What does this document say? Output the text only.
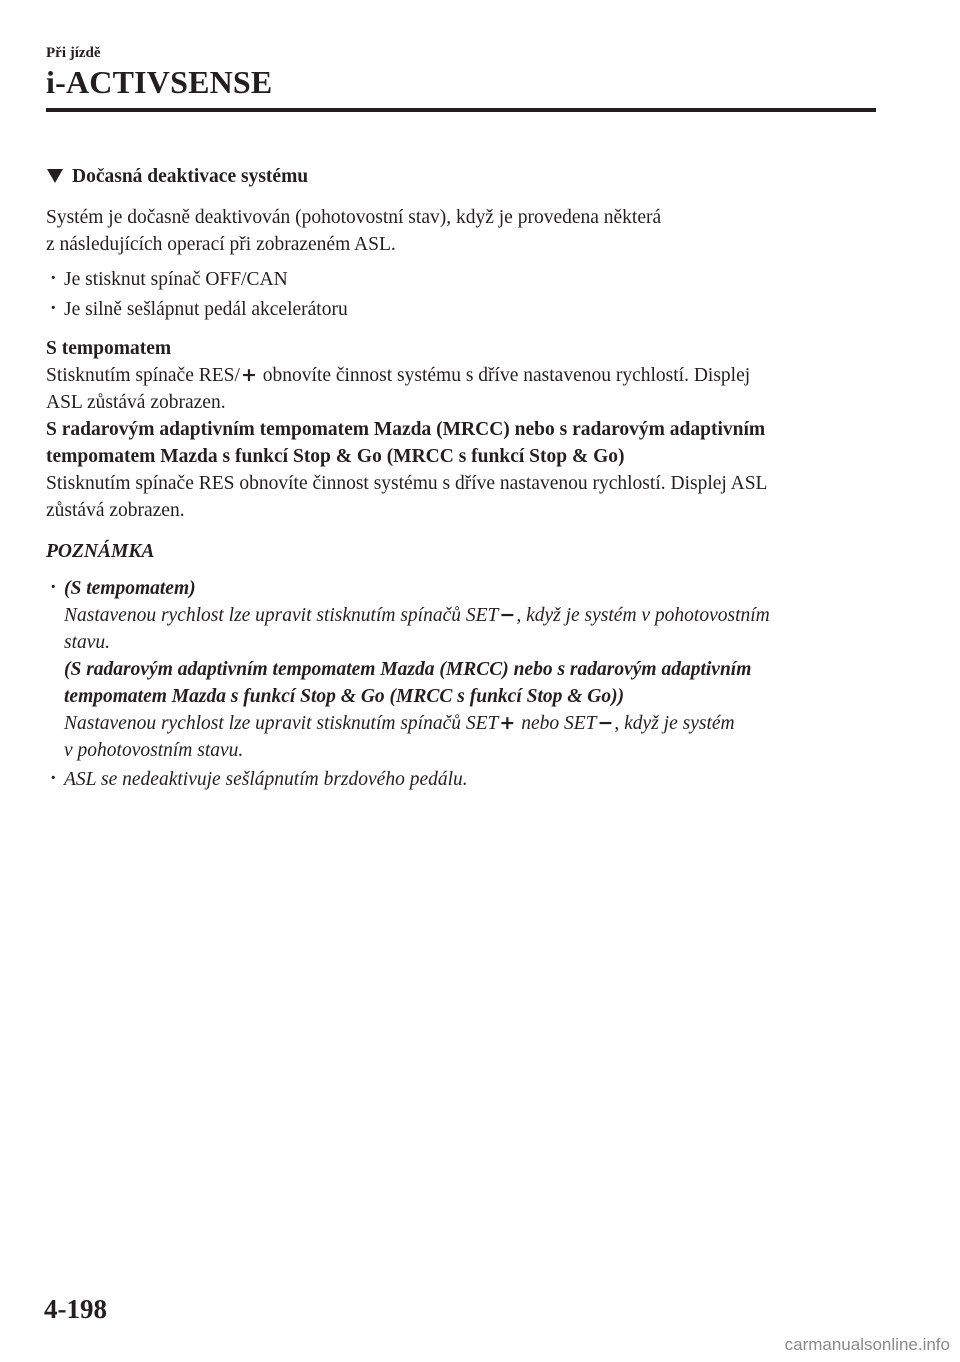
Při jízdě
i-ACTIVSENSE
Dočasná deaktivace systému

Systém je dočasně deaktivován (pohotovostní stav), když je provedena některá
z následujících operací při zobrazeném ASL.

· Je stisknut spínač OFF/CAN
· Je silně sešlápnut pedál akcelerátoru
S tempomatem
Stisknutím spínače RES/+ obnovíte činnost systému s dříve nastavenou rychlostí. Displej
ASL zůstává zobrazen.
S radarovým adaptivním tempomatem Mazda (MRCC) nebo s radarovým adaptivním
tempomatem Mazda s funkcí Stop & Go (MRCC s funkcí Stop & Go)
Stisknutím spínače RES obnovíte činnost systému s dříve nastavenou rychlostí. Displej ASL
zůstává zobrazen.
POZNÁMKA
· (S tempomatem)
Nastavenou rychlost lze upravit stisknutím spínačů SET−, když je systém v pohotovostním
stavu.
(S radarovým adaptivním tempomatem Mazda (MRCC) nebo s radarovým adaptivním
tempomatem Mazda s funkcí Stop & Go (MRCC s funkcí Stop & Go))
Nastavenou rychlost lze upravit stisknutím spínačů SET+ nebo SET−, když je systém
v pohotovostním stavu.
· ASL se nedeaktivuje sešlápnutím brzdového pedálu.
4-198
carmanualsonline.info
